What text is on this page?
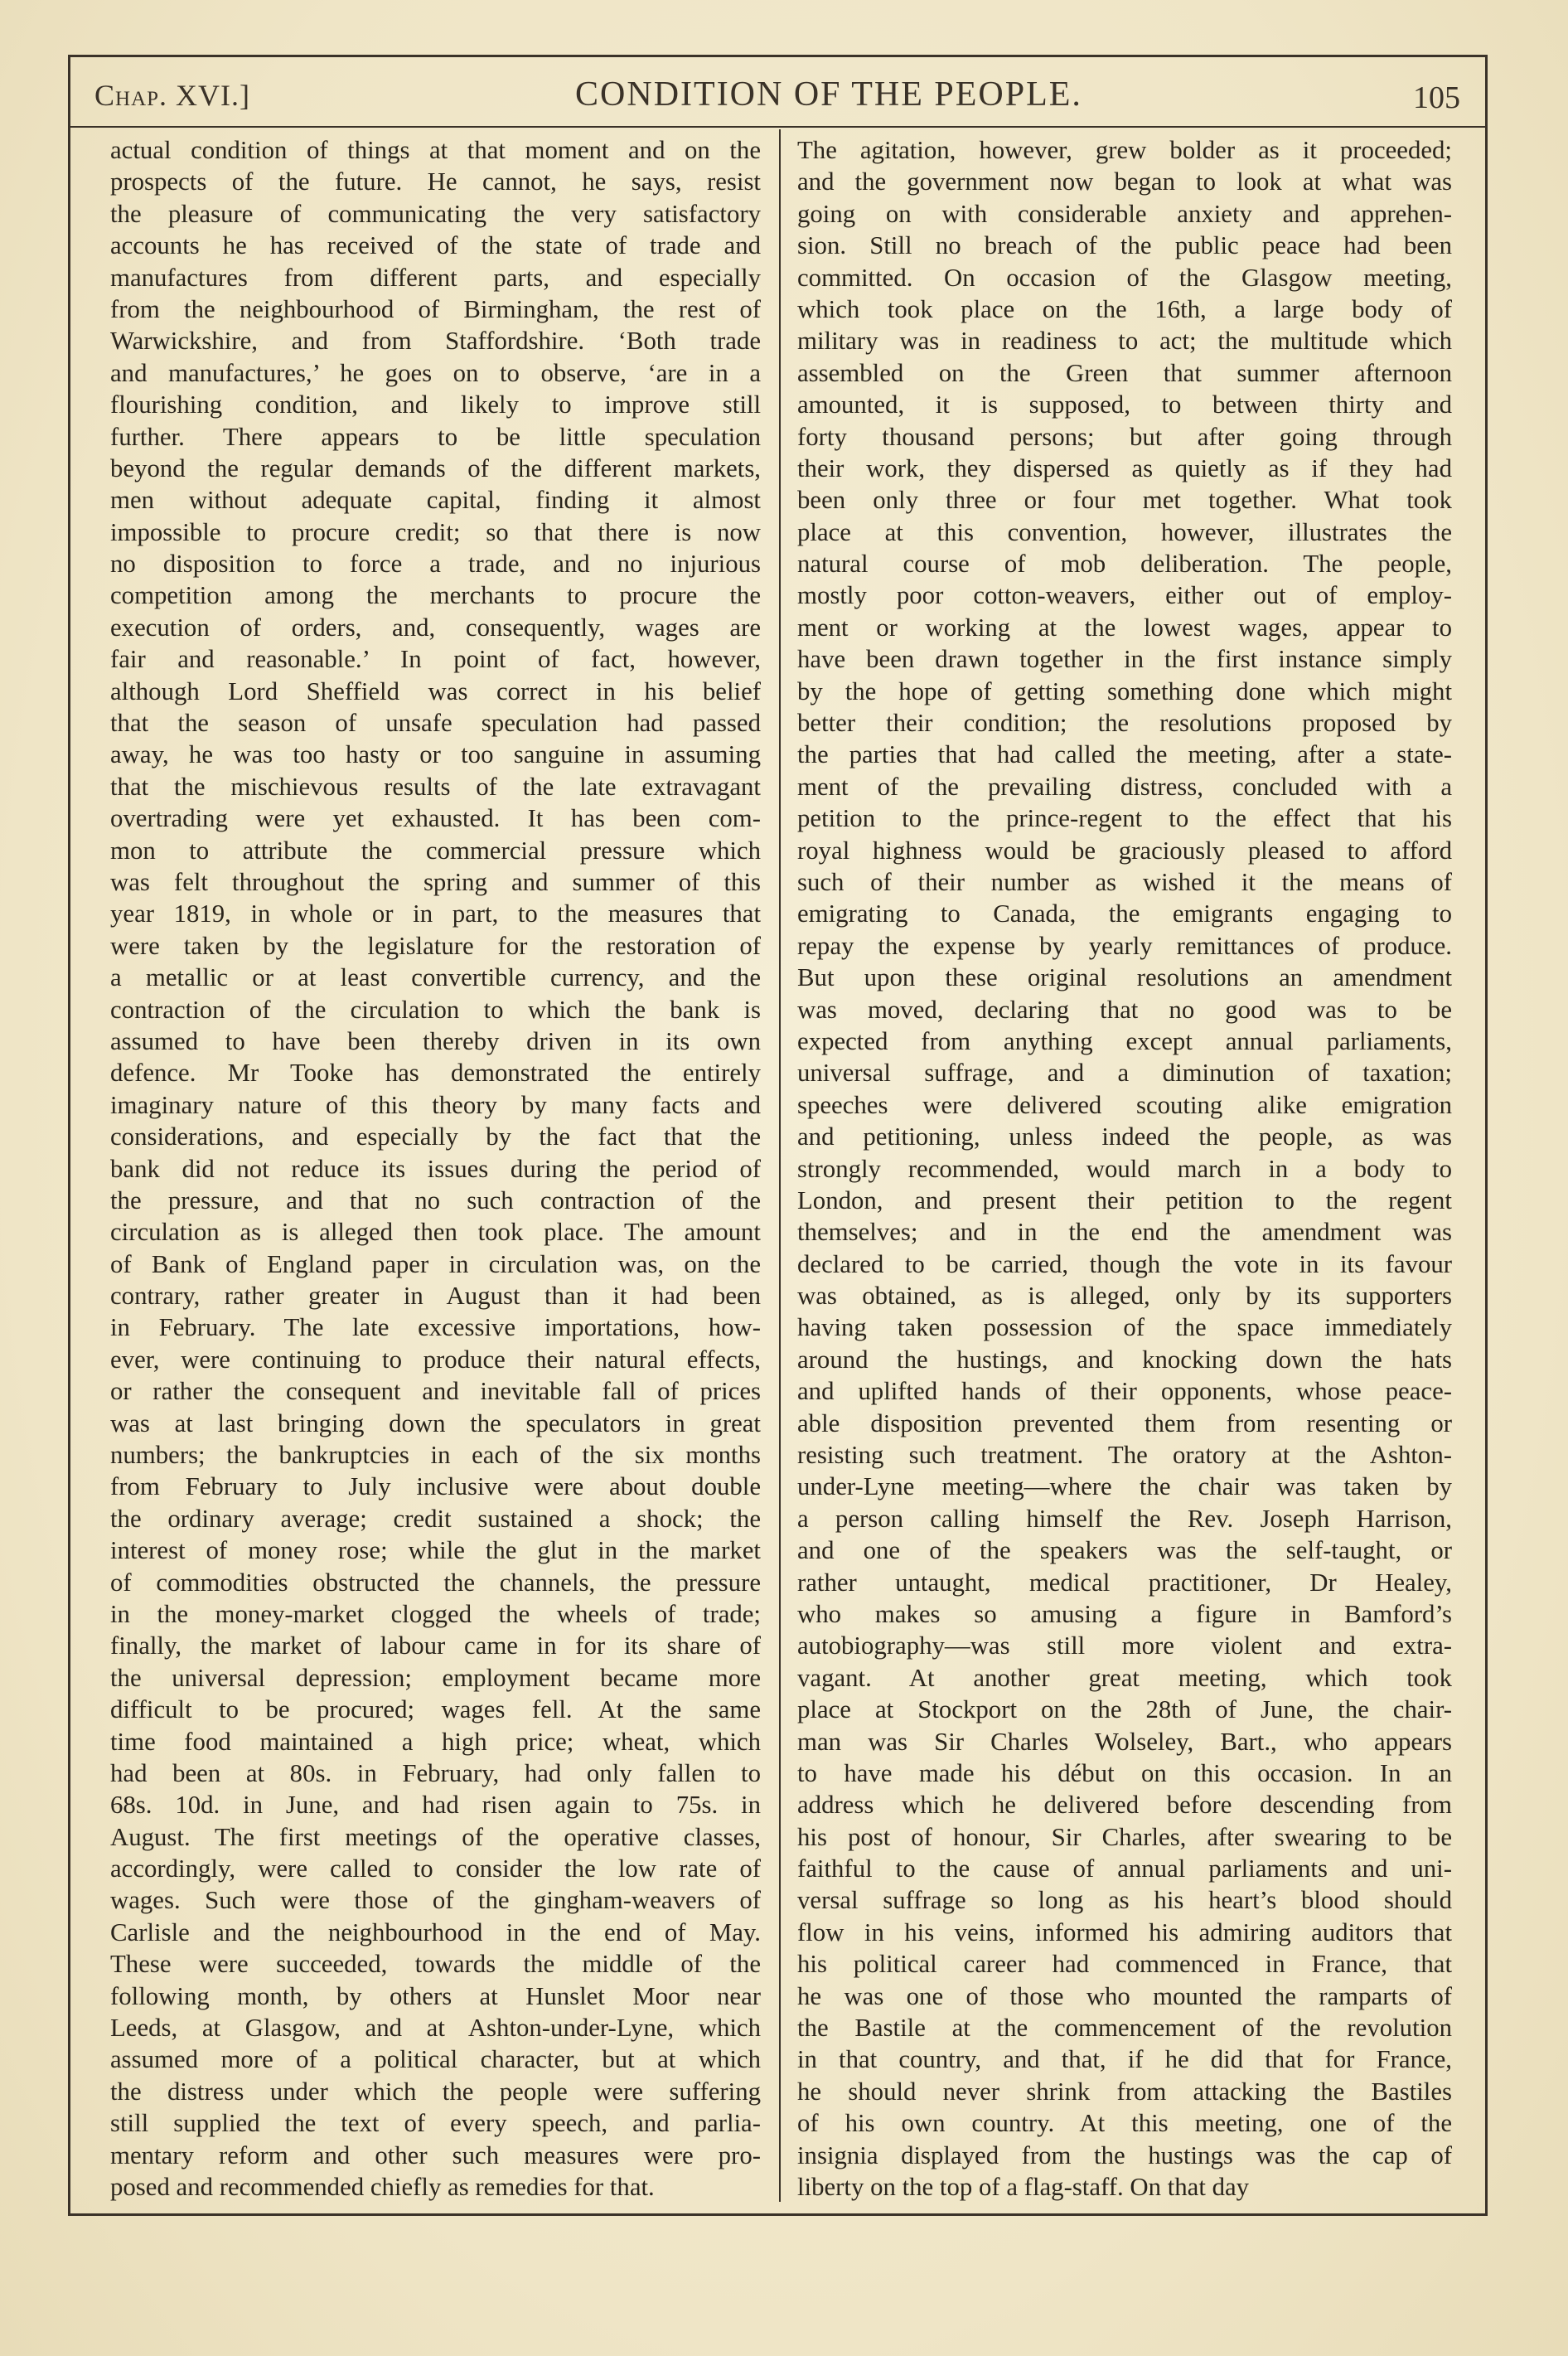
Chap. XVI.]	CONDITION OF THE PEOPLE.	105
actual condition of things at that moment and on the
prospects of the future. He cannot, he says, resist
the pleasure of communicating the very satisfactory
accounts he has received of the state of trade and
manufactures from different parts, and especially
from the neighbourhood of Birmingham, the rest of
Warwickshire, and from Staffordshire. ‘Both trade
and manufactures,’ he goes on to observe, ‘are in a
flourishing condition, and likely to improve still
further. There appears to be little speculation
beyond the regular demands of the different markets,
men without adequate capital, finding it almost
impossible to procure credit; so that there is now
no disposition to force a trade, and no injurious
competition among the merchants to procure the
execution of orders, and, consequently, wages are
fair and reasonable.’ In point of fact, however,
although Lord Sheffield was correct in his belief
that the season of unsafe speculation had passed
away, he was too hasty or too sanguine in assuming
that the mischievous results of the late extravagant
overtrading were yet exhausted. It has been com-
mon to attribute the commercial pressure which
was felt throughout the spring and summer of this
year 1819, in whole or in part, to the measures that
were taken by the legislature for the restoration of
a metallic or at least convertible currency, and the
contraction of the circulation to which the bank is
assumed to have been thereby driven in its own
defence. Mr Tooke has demonstrated the entirely
imaginary nature of this theory by many facts and
considerations, and especially by the fact that the
bank did not reduce its issues during the period of
the pressure, and that no such contraction of the
circulation as is alleged then took place. The amount
of Bank of England paper in circulation was, on the
contrary, rather greater in August than it had been
in February. The late excessive importations, how-
ever, were continuing to produce their natural effects,
or rather the consequent and inevitable fall of prices
was at last bringing down the speculators in great
numbers; the bankruptcies in each of the six months
from February to July inclusive were about double
the ordinary average; credit sustained a shock; the
interest of money rose; while the glut in the market
of commodities obstructed the channels, the pressure
in the money-market clogged the wheels of trade;
finally, the market of labour came in for its share of
the universal depression; employment became more
difficult to be procured; wages fell. At the same
time food maintained a high price; wheat, which
had been at 80s. in February, had only fallen to
68s. 10d. in June, and had risen again to 75s. in
August. The first meetings of the operative classes,
accordingly, were called to consider the low rate of
wages. Such were those of the gingham-weavers of
Carlisle and the neighbourhood in the end of May.
These were succeeded, towards the middle of the
following month, by others at Hunslet Moor near
Leeds, at Glasgow, and at Ashton-under-Lyne, which
assumed more of a political character, but at which
the distress under which the people were suffering
still supplied the text of every speech, and parlia-
mentary reform and other such measures were pro-
posed and recommended chiefly as remedies for that.
The agitation, however, grew bolder as it proceeded;
and the government now began to look at what was
going on with considerable anxiety and apprehen-
sion. Still no breach of the public peace had been
committed. On occasion of the Glasgow meeting,
which took place on the 16th, a large body of
military was in readiness to act; the multitude which
assembled on the Green that summer afternoon
amounted, it is supposed, to between thirty and
forty thousand persons; but after going through
their work, they dispersed as quietly as if they had
been only three or four met together. What took
place at this convention, however, illustrates the
natural course of mob deliberation. The people,
mostly poor cotton-weavers, either out of employ-
ment or working at the lowest wages, appear to
have been drawn together in the first instance simply
by the hope of getting something done which might
better their condition; the resolutions proposed by
the parties that had called the meeting, after a state-
ment of the prevailing distress, concluded with a
petition to the prince-regent to the effect that his
royal highness would be graciously pleased to afford
such of their number as wished it the means of
emigrating to Canada, the emigrants engaging to
repay the expense by yearly remittances of produce.
But upon these original resolutions an amendment
was moved, declaring that no good was to be
expected from anything except annual parliaments,
universal suffrage, and a diminution of taxation;
speeches were delivered scouting alike emigration
and petitioning, unless indeed the people, as was
strongly recommended, would march in a body to
London, and present their petition to the regent
themselves; and in the end the amendment was
declared to be carried, though the vote in its favour
was obtained, as is alleged, only by its supporters
having taken possession of the space immediately
around the hustings, and knocking down the hats
and uplifted hands of their opponents, whose peace-
able disposition prevented them from resenting or
resisting such treatment. The oratory at the Ashton-
under-Lyne meeting—where the chair was taken by
a person calling himself the Rev. Joseph Harrison,
and one of the speakers was the self-taught, or
rather untaught, medical practitioner, Dr Healey,
who makes so amusing a figure in Bamford’s
autobiography—was still more violent and extra-
vagant. At another great meeting, which took
place at Stockport on the 28th of June, the chair-
man was Sir Charles Wolseley, Bart., who appears
to have made his début on this occasion. In an
address which he delivered before descending from
his post of honour, Sir Charles, after swearing to be
faithful to the cause of annual parliaments and uni-
versal suffrage so long as his heart’s blood should
flow in his veins, informed his admiring auditors that
his political career had commenced in France, that
he was one of those who mounted the ramparts of
the Bastile at the commencement of the revolution
in that country, and that, if he did that for France,
he should never shrink from attacking the Bastiles
of his own country. At this meeting, one of the
insignia displayed from the hustings was the cap of
liberty on the top of a flag-staff. On that day
